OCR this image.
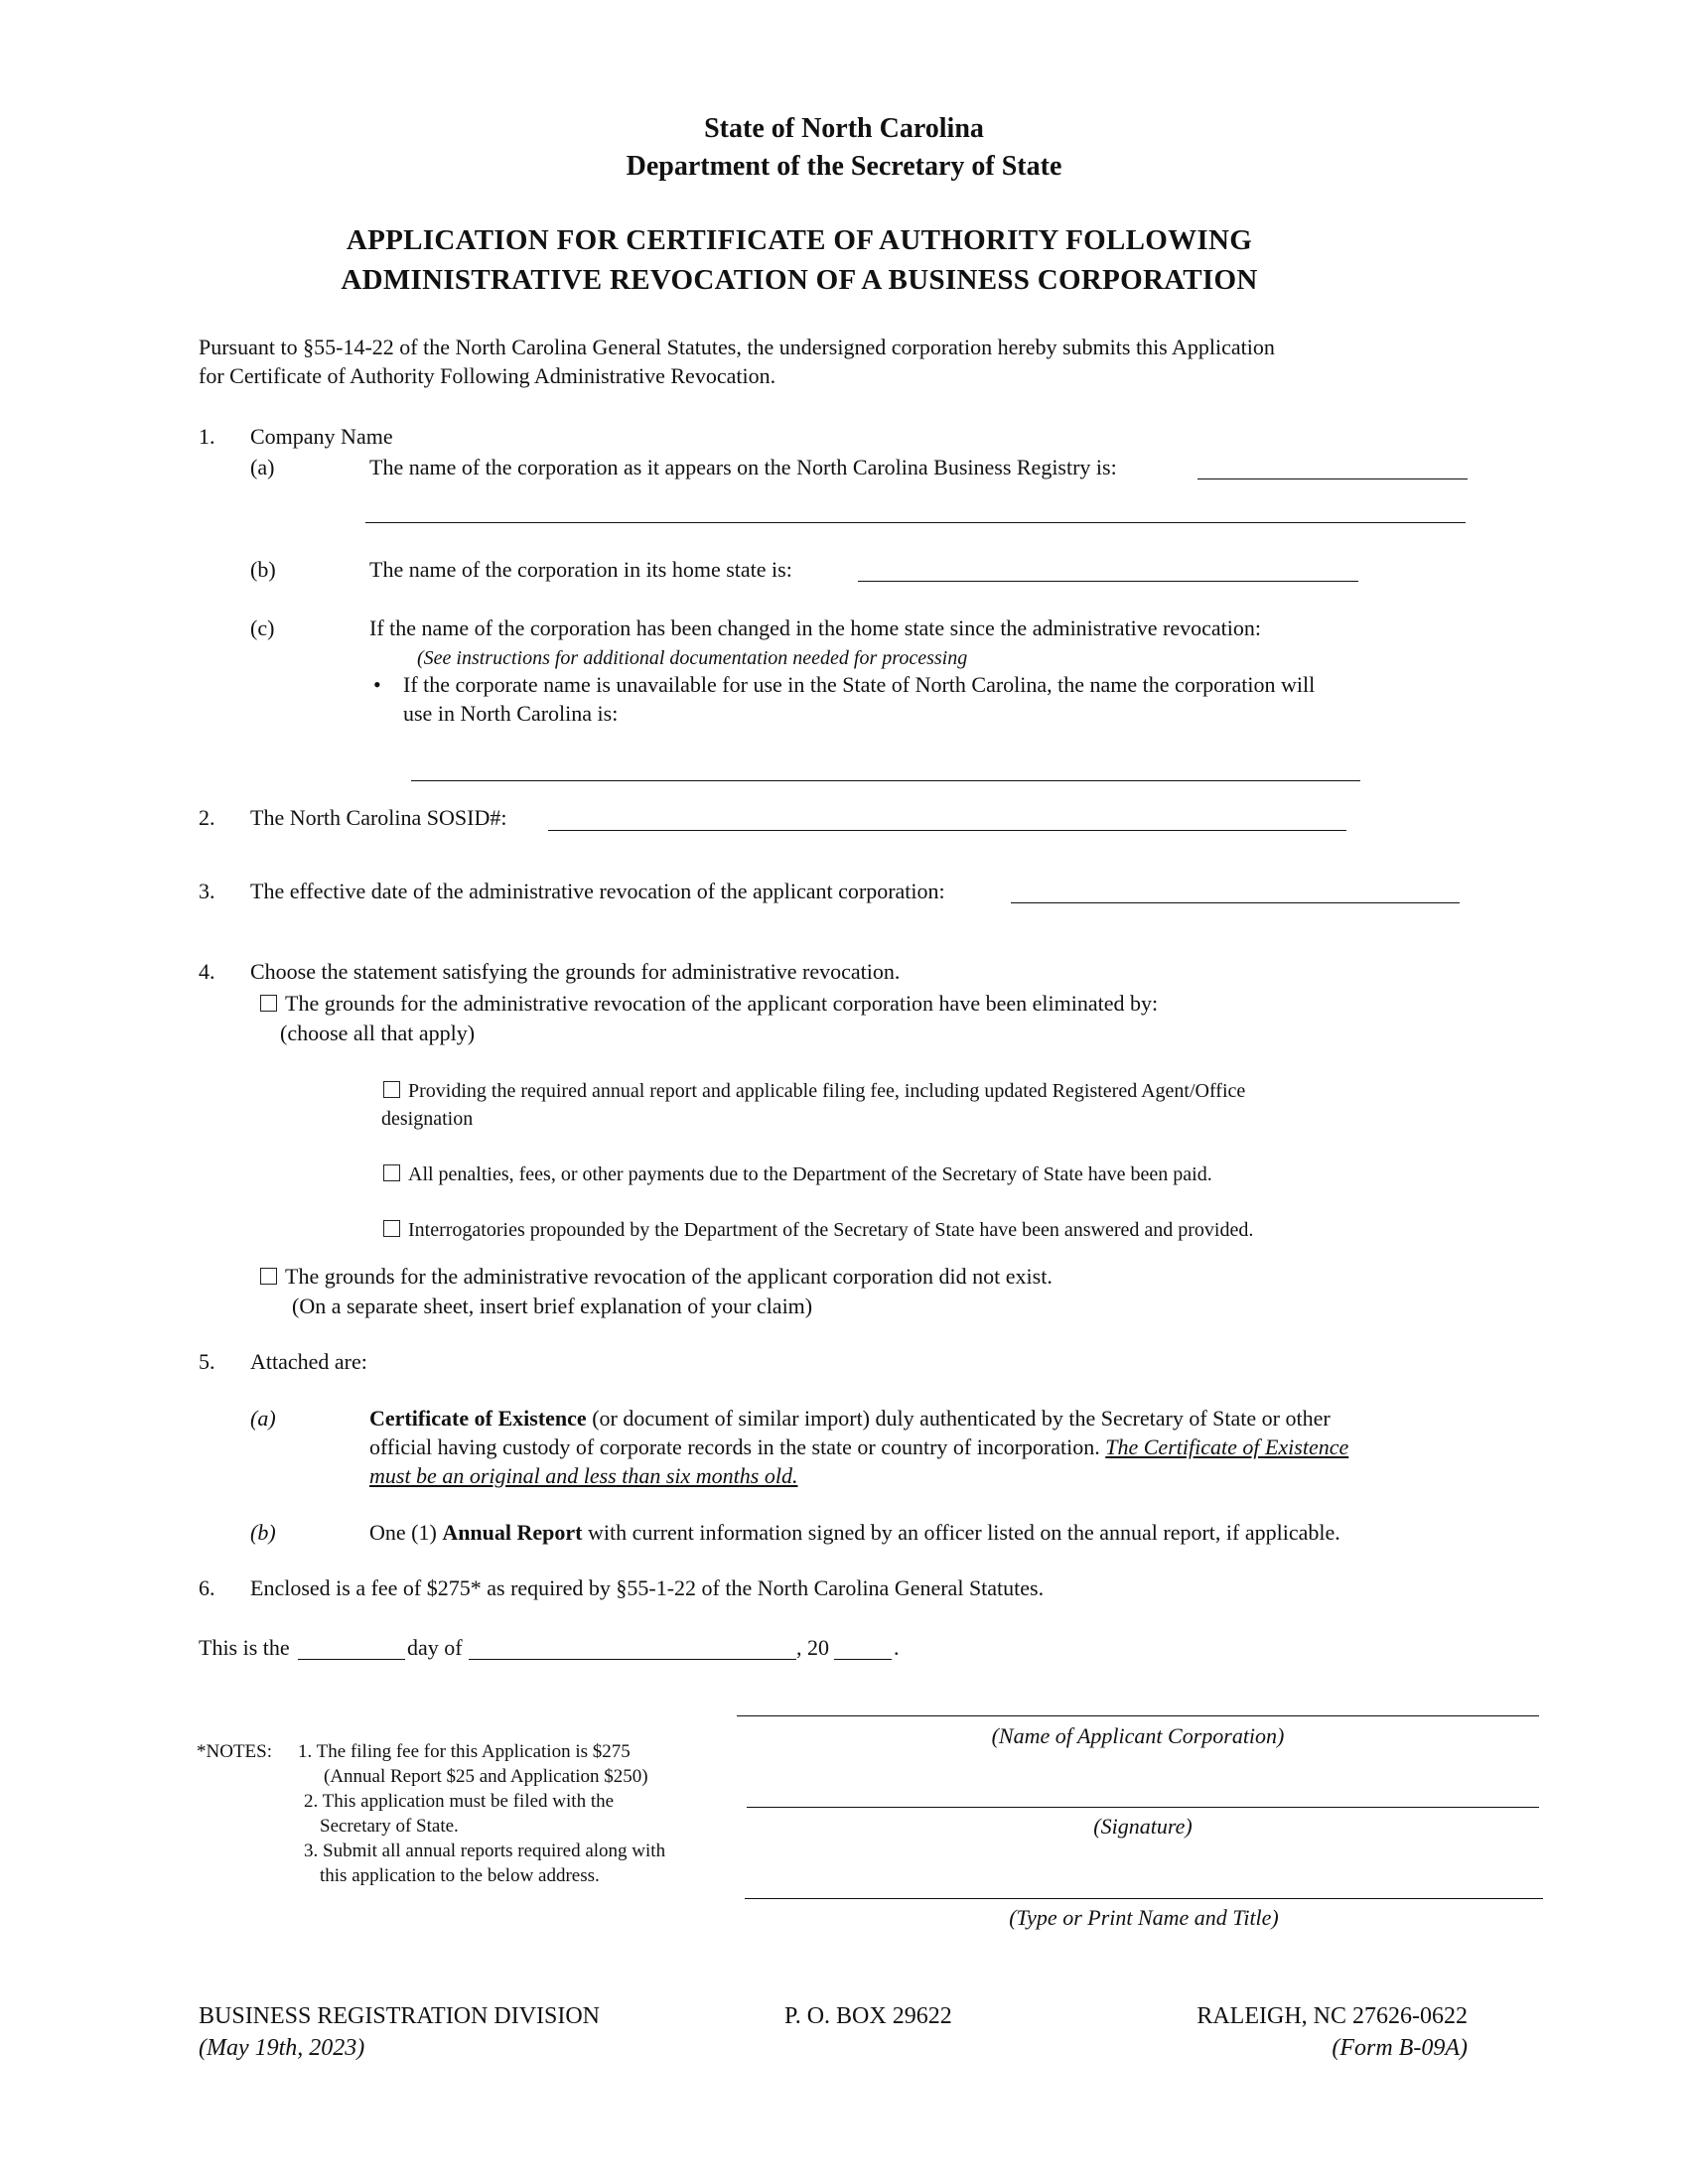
State of North Carolina
Department of the Secretary of State
APPLICATION FOR CERTIFICATE OF AUTHORITY FOLLOWING
ADMINISTRATIVE REVOCATION OF A BUSINESS CORPORATION
Pursuant to §55-14-22 of the North Carolina General Statutes, the undersigned corporation hereby submits this Application
for Certificate of Authority Following Administrative Revocation.
1. Company Name
(a)	The name of the corporation as it appears on the North Carolina Business Registry is:
(b)	The name of the corporation in its home state is:
(c)	If the name of the corporation has been changed in the home state since the administrative revocation:
(See instructions for additional documentation needed for processing
• If the corporate name is unavailable for use in the State of North Carolina, the name the corporation will
use in North Carolina is:
2. The North Carolina SOSID#:
3. The effective date of the administrative revocation of the applicant corporation:
4. Choose the statement satisfying the grounds for administrative revocation.
The grounds for the administrative revocation of the applicant corporation have been eliminated by:
(choose all that apply)
Providing the required annual report and applicable filing fee, including updated Registered Agent/Office
designation
All penalties, fees, or other payments due to the Department of the Secretary of State have been paid.
Interrogatories propounded by the Department of the Secretary of State have been answered and provided.
The grounds for the administrative revocation of the applicant corporation did not exist.
(On a separate sheet, insert brief explanation of your claim)
5. Attached are:
(a)	Certificate of Existence (or document of similar import) duly authenticated by the Secretary of State or other
official having custody of corporate records in the state or country of incorporation. The Certificate of Existence
must be an original and less than six months old.
(b)	One (1) Annual Report with current information signed by an officer listed on the annual report, if applicable.
6. Enclosed is a fee of $275* as required by §55-1-22 of the North Carolina General Statutes.
This is the	day of	, 20	.
*NOTES: 1. The filing fee for this Application is $275
(Annual Report $25 and Application $250)
2. This application must be filed with the
Secretary of State.
3. Submit all annual reports required along with
this application to the below address.
(Name of Applicant Corporation)
(Signature)
(Type or Print Name and Title)
BUSINESS REGISTRATION DIVISION
(May 19th, 2023)
P. O. BOX 29622	RALEIGH, NC 27626-0622
(Form B-09A)
